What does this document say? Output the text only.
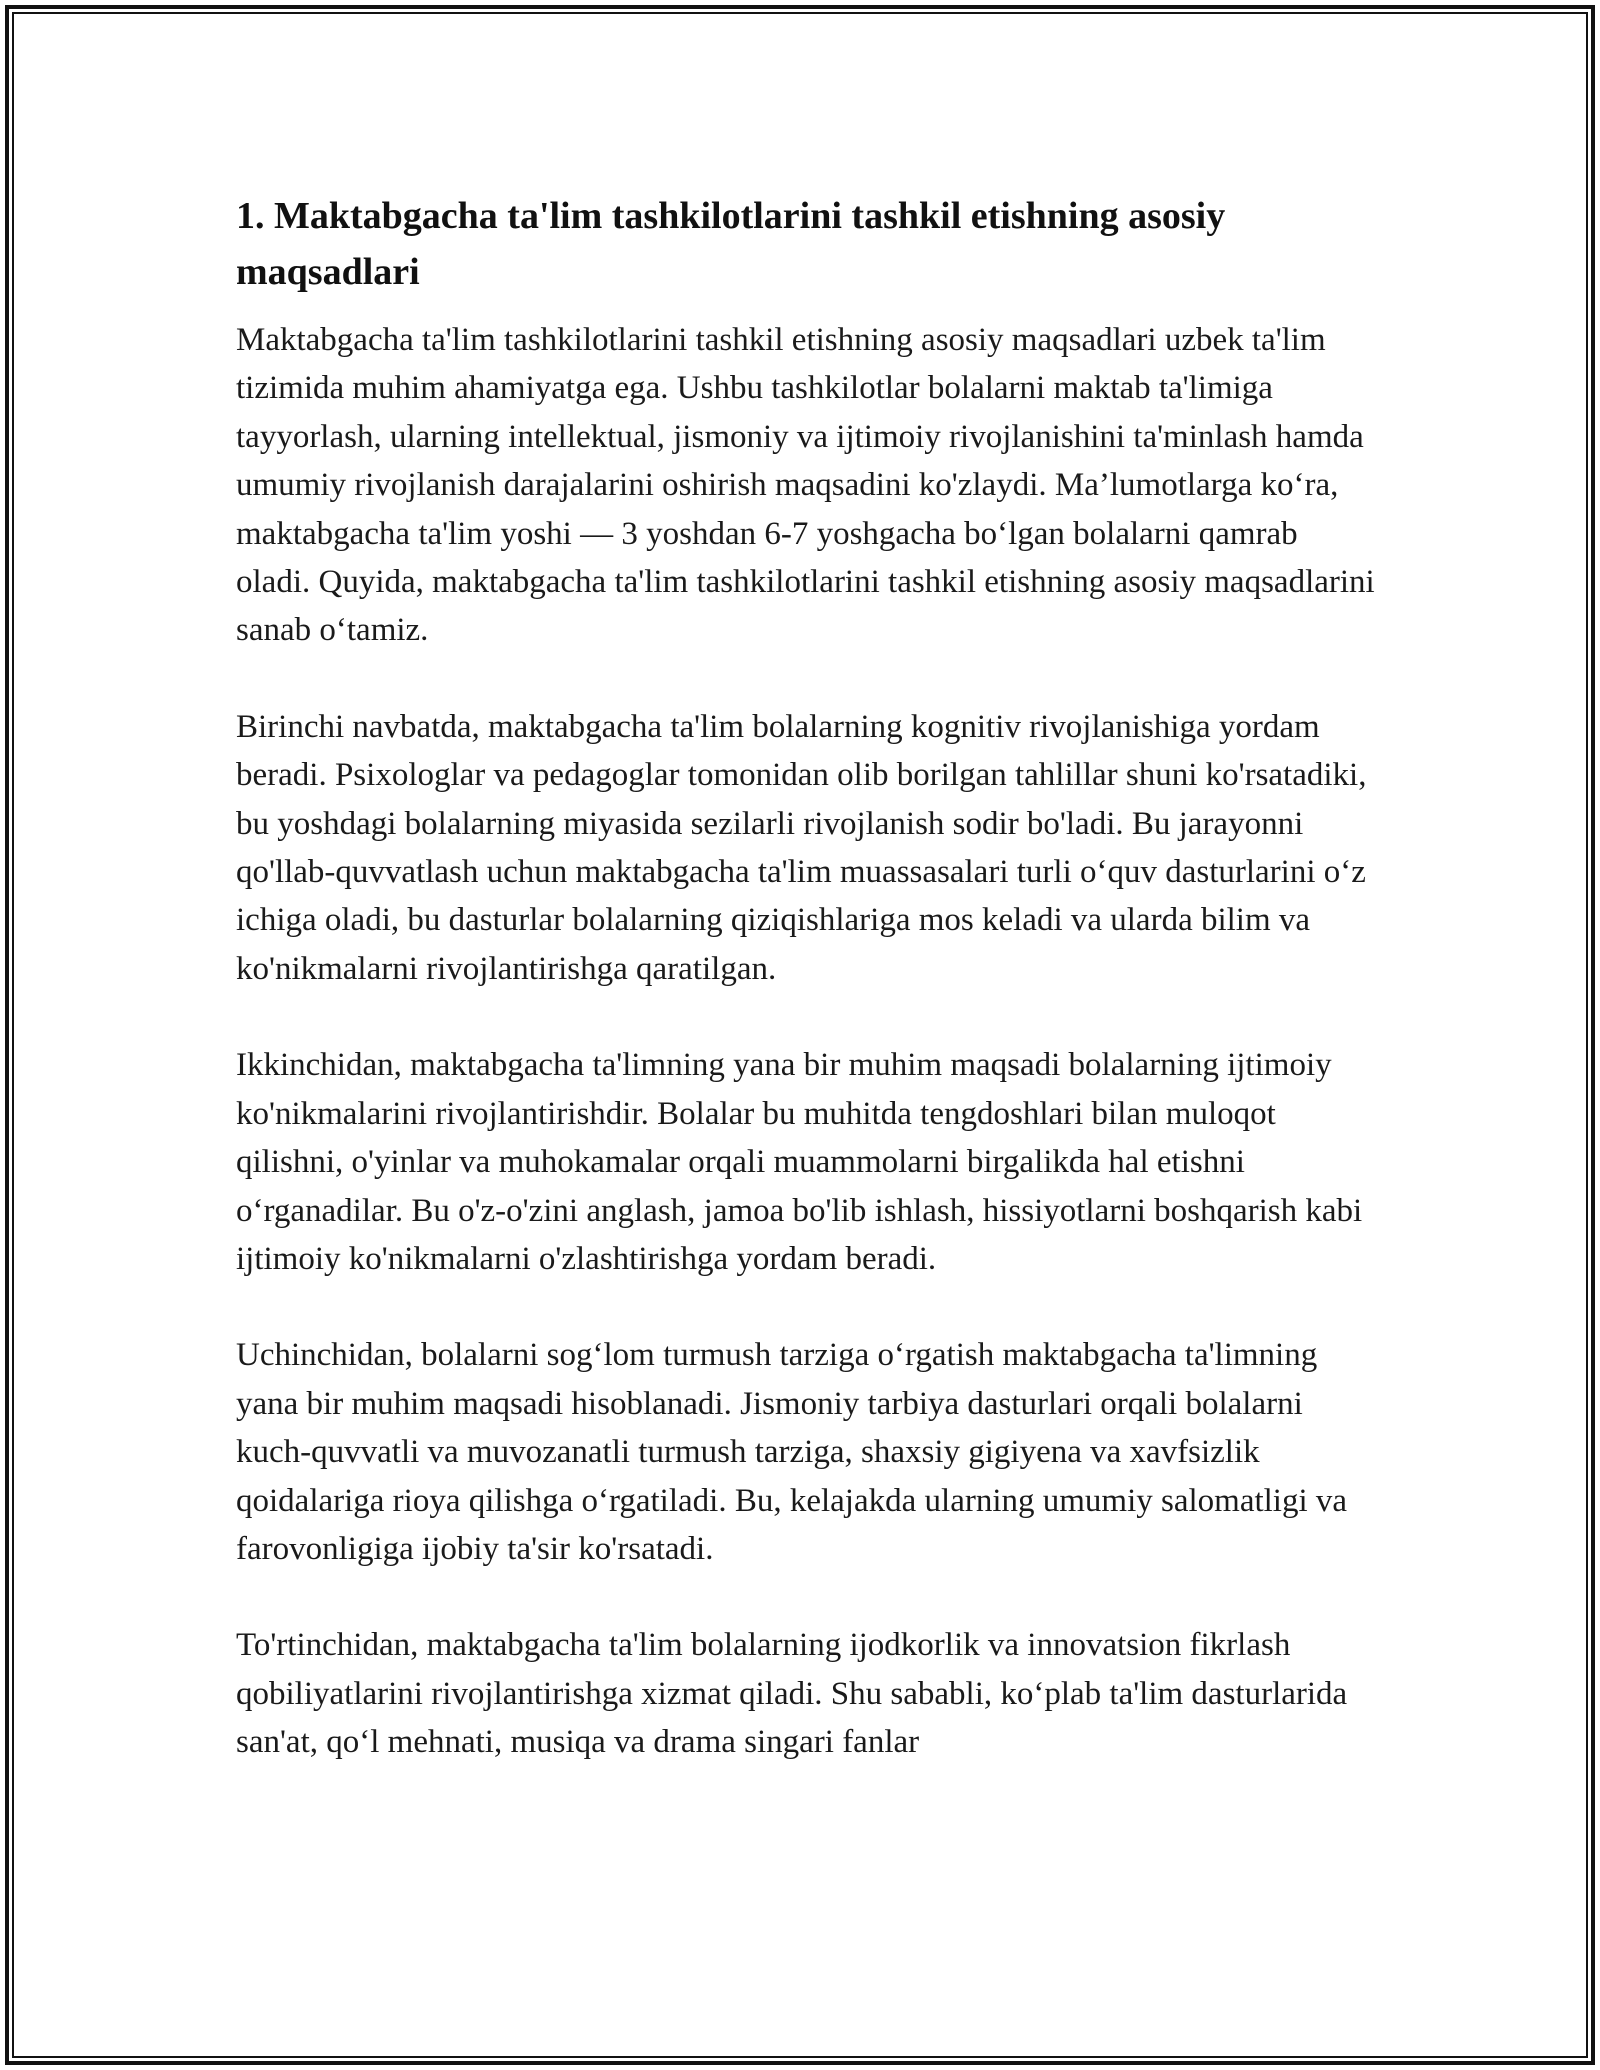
1. Maktabgacha ta'lim tashkilotlarini tashkil etishning asosiy maqsadlari

Maktabgacha ta'lim tashkilotlarini tashkil etishning asosiy maqsadlari uzbek ta'lim tizimida muhim ahamiyatga ega. Ushbu tashkilotlar bolalarni maktab ta'limiga tayyorlash, ularning intellektual, jismoniy va ijtimoiy rivojlanishini ta'minlash hamda umumiy rivojlanish darajalarini oshirish maqsadini ko'zlaydi. Ma’lumotlarga ko‘ra, maktabgacha ta'lim yoshi — 3 yoshdan 6-7 yoshgacha bo‘lgan bolalarni qamrab oladi. Quyida, maktabgacha ta'lim tashkilotlarini tashkil etishning asosiy maqsadlarini sanab o‘tamiz.

Birinchi navbatda, maktabgacha ta'lim bolalarning kognitiv rivojlanishiga yordam beradi. Psixologlar va pedagoglar tomonidan olib borilgan tahlillar shuni ko'rsatadiki, bu yoshdagi bolalarning miyasida sezilarli rivojlanish sodir bo'ladi. Bu jarayonni qo'llab-quvvatlash uchun maktabgacha ta'lim muassasalari turli o‘quv dasturlarini o‘z ichiga oladi, bu dasturlar bolalarning qiziqishlariga mos keladi va ularda bilim va ko'nikmalarni rivojlantirishga qaratilgan.

Ikkinchidan, maktabgacha ta'limning yana bir muhim maqsadi bolalarning ijtimoiy ko'nikmalarini rivojlantirishdir. Bolalar bu muhitda tengdoshlari bilan muloqot qilishni, o'yinlar va muhokamalar orqali muammolarni birgalikda hal etishni o‘rganadilar. Bu o'z-o'zini anglash, jamoa bo'lib ishlash, hissiyotlarni boshqarish kabi ijtimoiy ko'nikmalarni o'zlashtirishga yordam beradi.

Uchinchidan, bolalarni sog‘lom turmush tarziga o‘rgatish maktabgacha ta'limning yana bir muhim maqsadi hisoblanadi. Jismoniy tarbiya dasturlari orqali bolalarni kuch-quvvatli va muvozanatli turmush tarziga, shaxsiy gigiyena va xavfsizlik qoidalariga rioya qilishga o‘rgatiladi. Bu, kelajakda ularning umumiy salomatligi va farovonligiga ijobiy ta'sir ko'rsatadi.

To'rtinchidan, maktabgacha ta'lim bolalarning ijodkorlik va innovatsion fikrlash qobiliyatlarini rivojlantirishga xizmat qiladi. Shu sababli, ko‘plab ta'lim dasturlarida san'at, qo‘l mehnati, musiqa va drama singari fanlar
